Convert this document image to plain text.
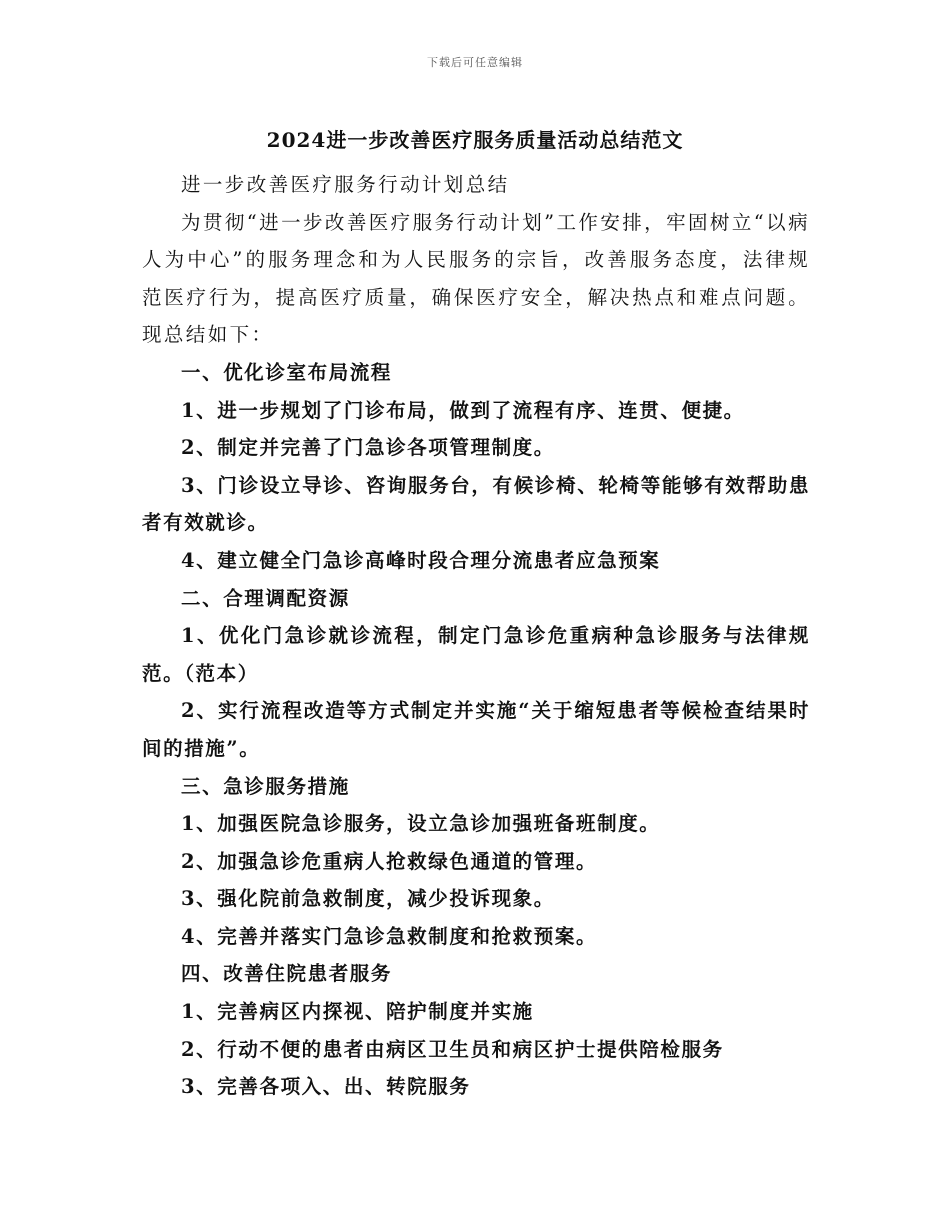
下载后可任意编辑
2024进一步改善医疗服务质量活动总结范文

进一步改善医疗服务行动计划总结

为贯彻“进一步改善医疗服务行动计划”工作安排，牢固树立“以病人为中心”的服务理念和为人民服务的宗旨，改善服务态度，法律规范医疗行为，提高医疗质量，确保医疗安全，解决热点和难点问题。现总结如下：

一、优化诊室布局流程

1、进一步规划了门诊布局，做到了流程有序、连贯、便捷。

2、制定并完善了门急诊各项管理制度。

3、门诊设立导诊、咨询服务台，有候诊椅、轮椅等能够有效帮助患者有效就诊。

4、建立健全门急诊高峰时段合理分流患者应急预案

二、合理调配资源

1、优化门急诊就诊流程，制定门急诊危重病种急诊服务与法律规范。（范本）

2、实行流程改造等方式制定并实施“关于缩短患者等候检查结果时间的措施”。

三、急诊服务措施

1、加强医院急诊服务，设立急诊加强班备班制度。

2、加强急诊危重病人抢救绿色通道的管理。

3、强化院前急救制度，减少投诉现象。

4、完善并落实门急诊急救制度和抢救预案。

四、改善住院患者服务

1、完善病区内探视、陪护制度并实施

2、行动不便的患者由病区卫生员和病区护士提供陪检服务

3、完善各项入、出、转院服务
